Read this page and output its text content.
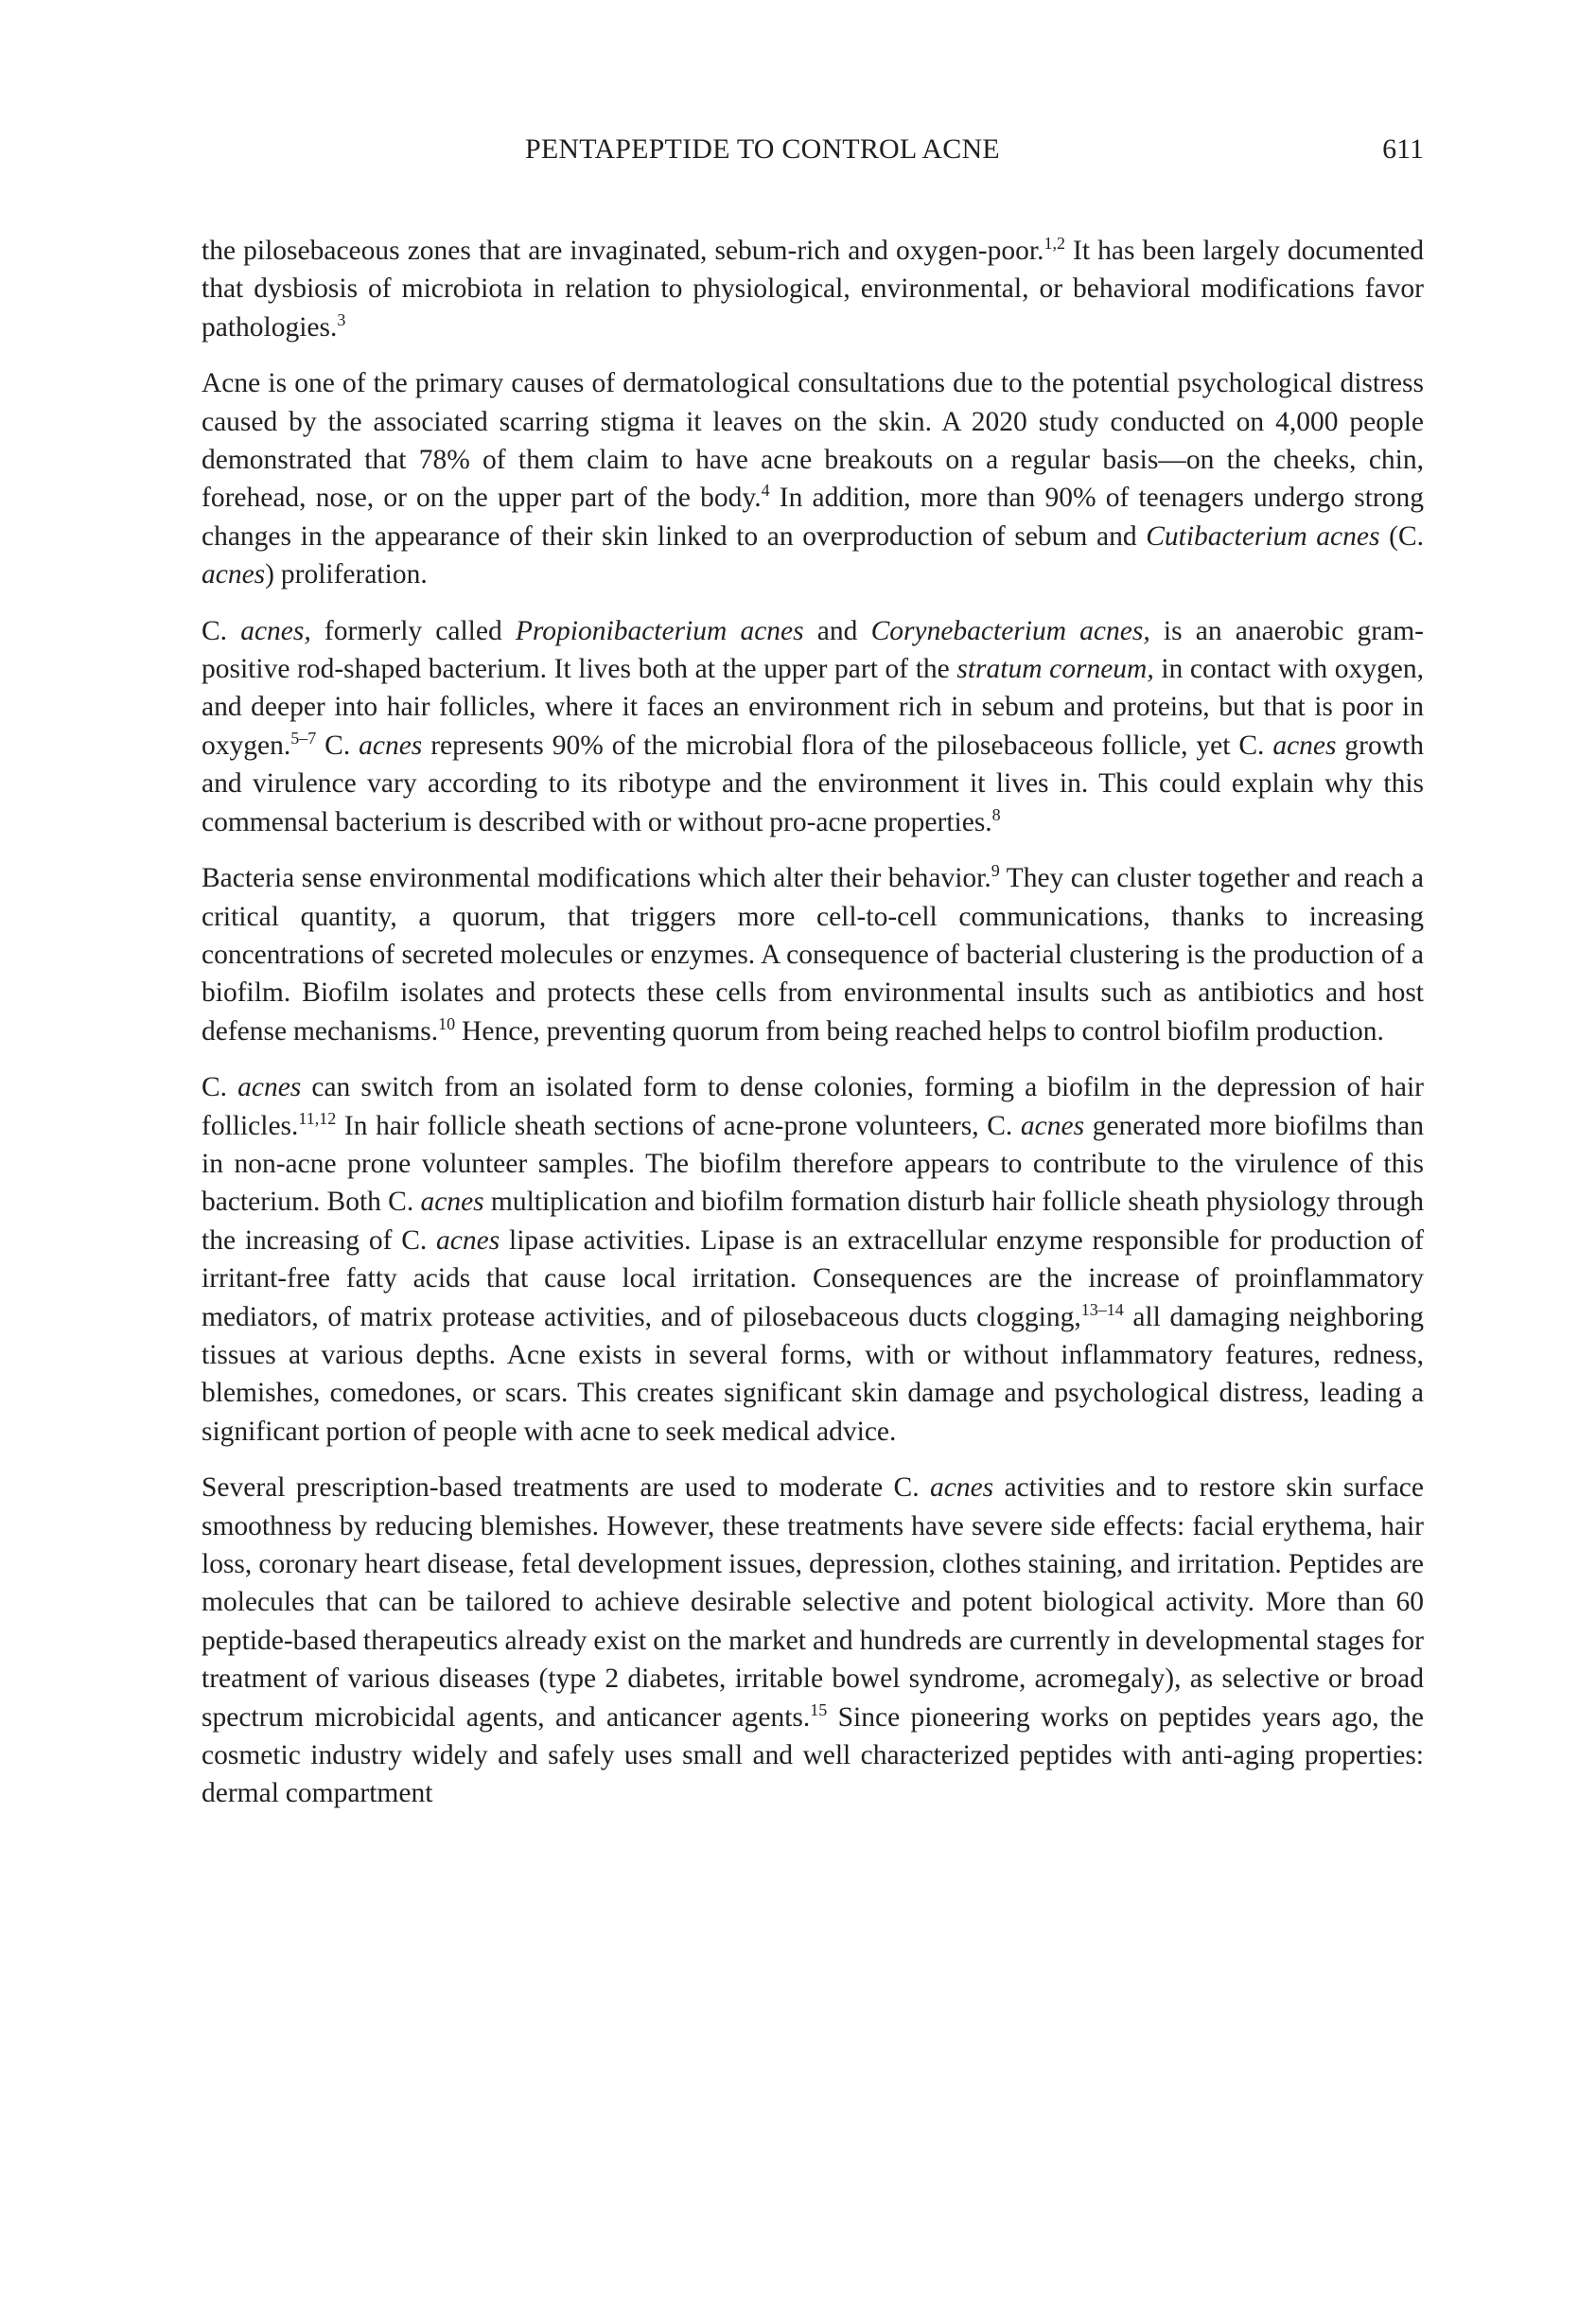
PENTAPEPTIDE TO CONTROL ACNE	611

the pilosebaceous zones that are invaginated, sebum-rich and oxygen-poor.$^{1,2}$ It has been largely documented that dysbiosis of microbiota in relation to physiological, environmental, or behavioral modifications favor pathologies.$^3$

Acne is one of the primary causes of dermatological consultations due to the potential psychological distress caused by the associated scarring stigma it leaves on the skin. A 2020 study conducted on 4,000 people demonstrated that 78% of them claim to have acne breakouts on a regular basis—on the cheeks, chin, forehead, nose, or on the upper part of the body.$^4$ In addition, more than 90% of teenagers undergo strong changes in the appearance of their skin linked to an overproduction of sebum and Cutibacterium acnes (C. acnes) proliferation.

C. acnes, formerly called Propionibacterium acnes and Corynebacterium acnes, is an anaerobic gram-positive rod-shaped bacterium. It lives both at the upper part of the stratum corneum, in contact with oxygen, and deeper into hair follicles, where it faces an environment rich in sebum and proteins, but that is poor in oxygen.$^{5-7}$ C. acnes represents 90% of the microbial flora of the pilosebaceous follicle, yet C. acnes growth and virulence vary according to its ribotype and the environment it lives in. This could explain why this commensal bacterium is described with or without pro-acne properties.$^8$

Bacteria sense environmental modifications which alter their behavior.$^9$ They can cluster together and reach a critical quantity, a quorum, that triggers more cell-to-cell communications, thanks to increasing concentrations of secreted molecules or enzymes. A consequence of bacterial clustering is the production of a biofilm. Biofilm isolates and protects these cells from environmental insults such as antibiotics and host defense mechanisms.$^{10}$ Hence, preventing quorum from being reached helps to control biofilm production.

C. acnes can switch from an isolated form to dense colonies, forming a biofilm in the depression of hair follicles.$^{11,12}$ In hair follicle sheath sections of acne-prone volunteers, C. acnes generated more biofilms than in non-acne prone volunteer samples. The biofilm therefore appears to contribute to the virulence of this bacterium. Both C. acnes multiplication and biofilm formation disturb hair follicle sheath physiology through the increasing of C. acnes lipase activities. Lipase is an extracellular enzyme responsible for production of irritant-free fatty acids that cause local irritation. Consequences are the increase of proinflammatory mediators, of matrix protease activities, and of pilosebaceous ducts clogging,$^{13-14}$ all damaging neighboring tissues at various depths. Acne exists in several forms, with or without inflammatory features, redness, blemishes, comedones, or scars. This creates significant skin damage and psychological distress, leading a significant portion of people with acne to seek medical advice.

Several prescription-based treatments are used to moderate C. acnes activities and to restore skin surface smoothness by reducing blemishes. However, these treatments have severe side effects: facial erythema, hair loss, coronary heart disease, fetal development issues, depression, clothes staining, and irritation. Peptides are molecules that can be tailored to achieve desirable selective and potent biological activity. More than 60 peptide-based therapeutics already exist on the market and hundreds are currently in developmental stages for treatment of various diseases (type 2 diabetes, irritable bowel syndrome, acromegaly), as selective or broad spectrum microbicidal agents, and anticancer agents.$^{15}$ Since pioneering works on peptides years ago, the cosmetic industry widely and safely uses small and well characterized peptides with anti-aging properties: dermal compartment
